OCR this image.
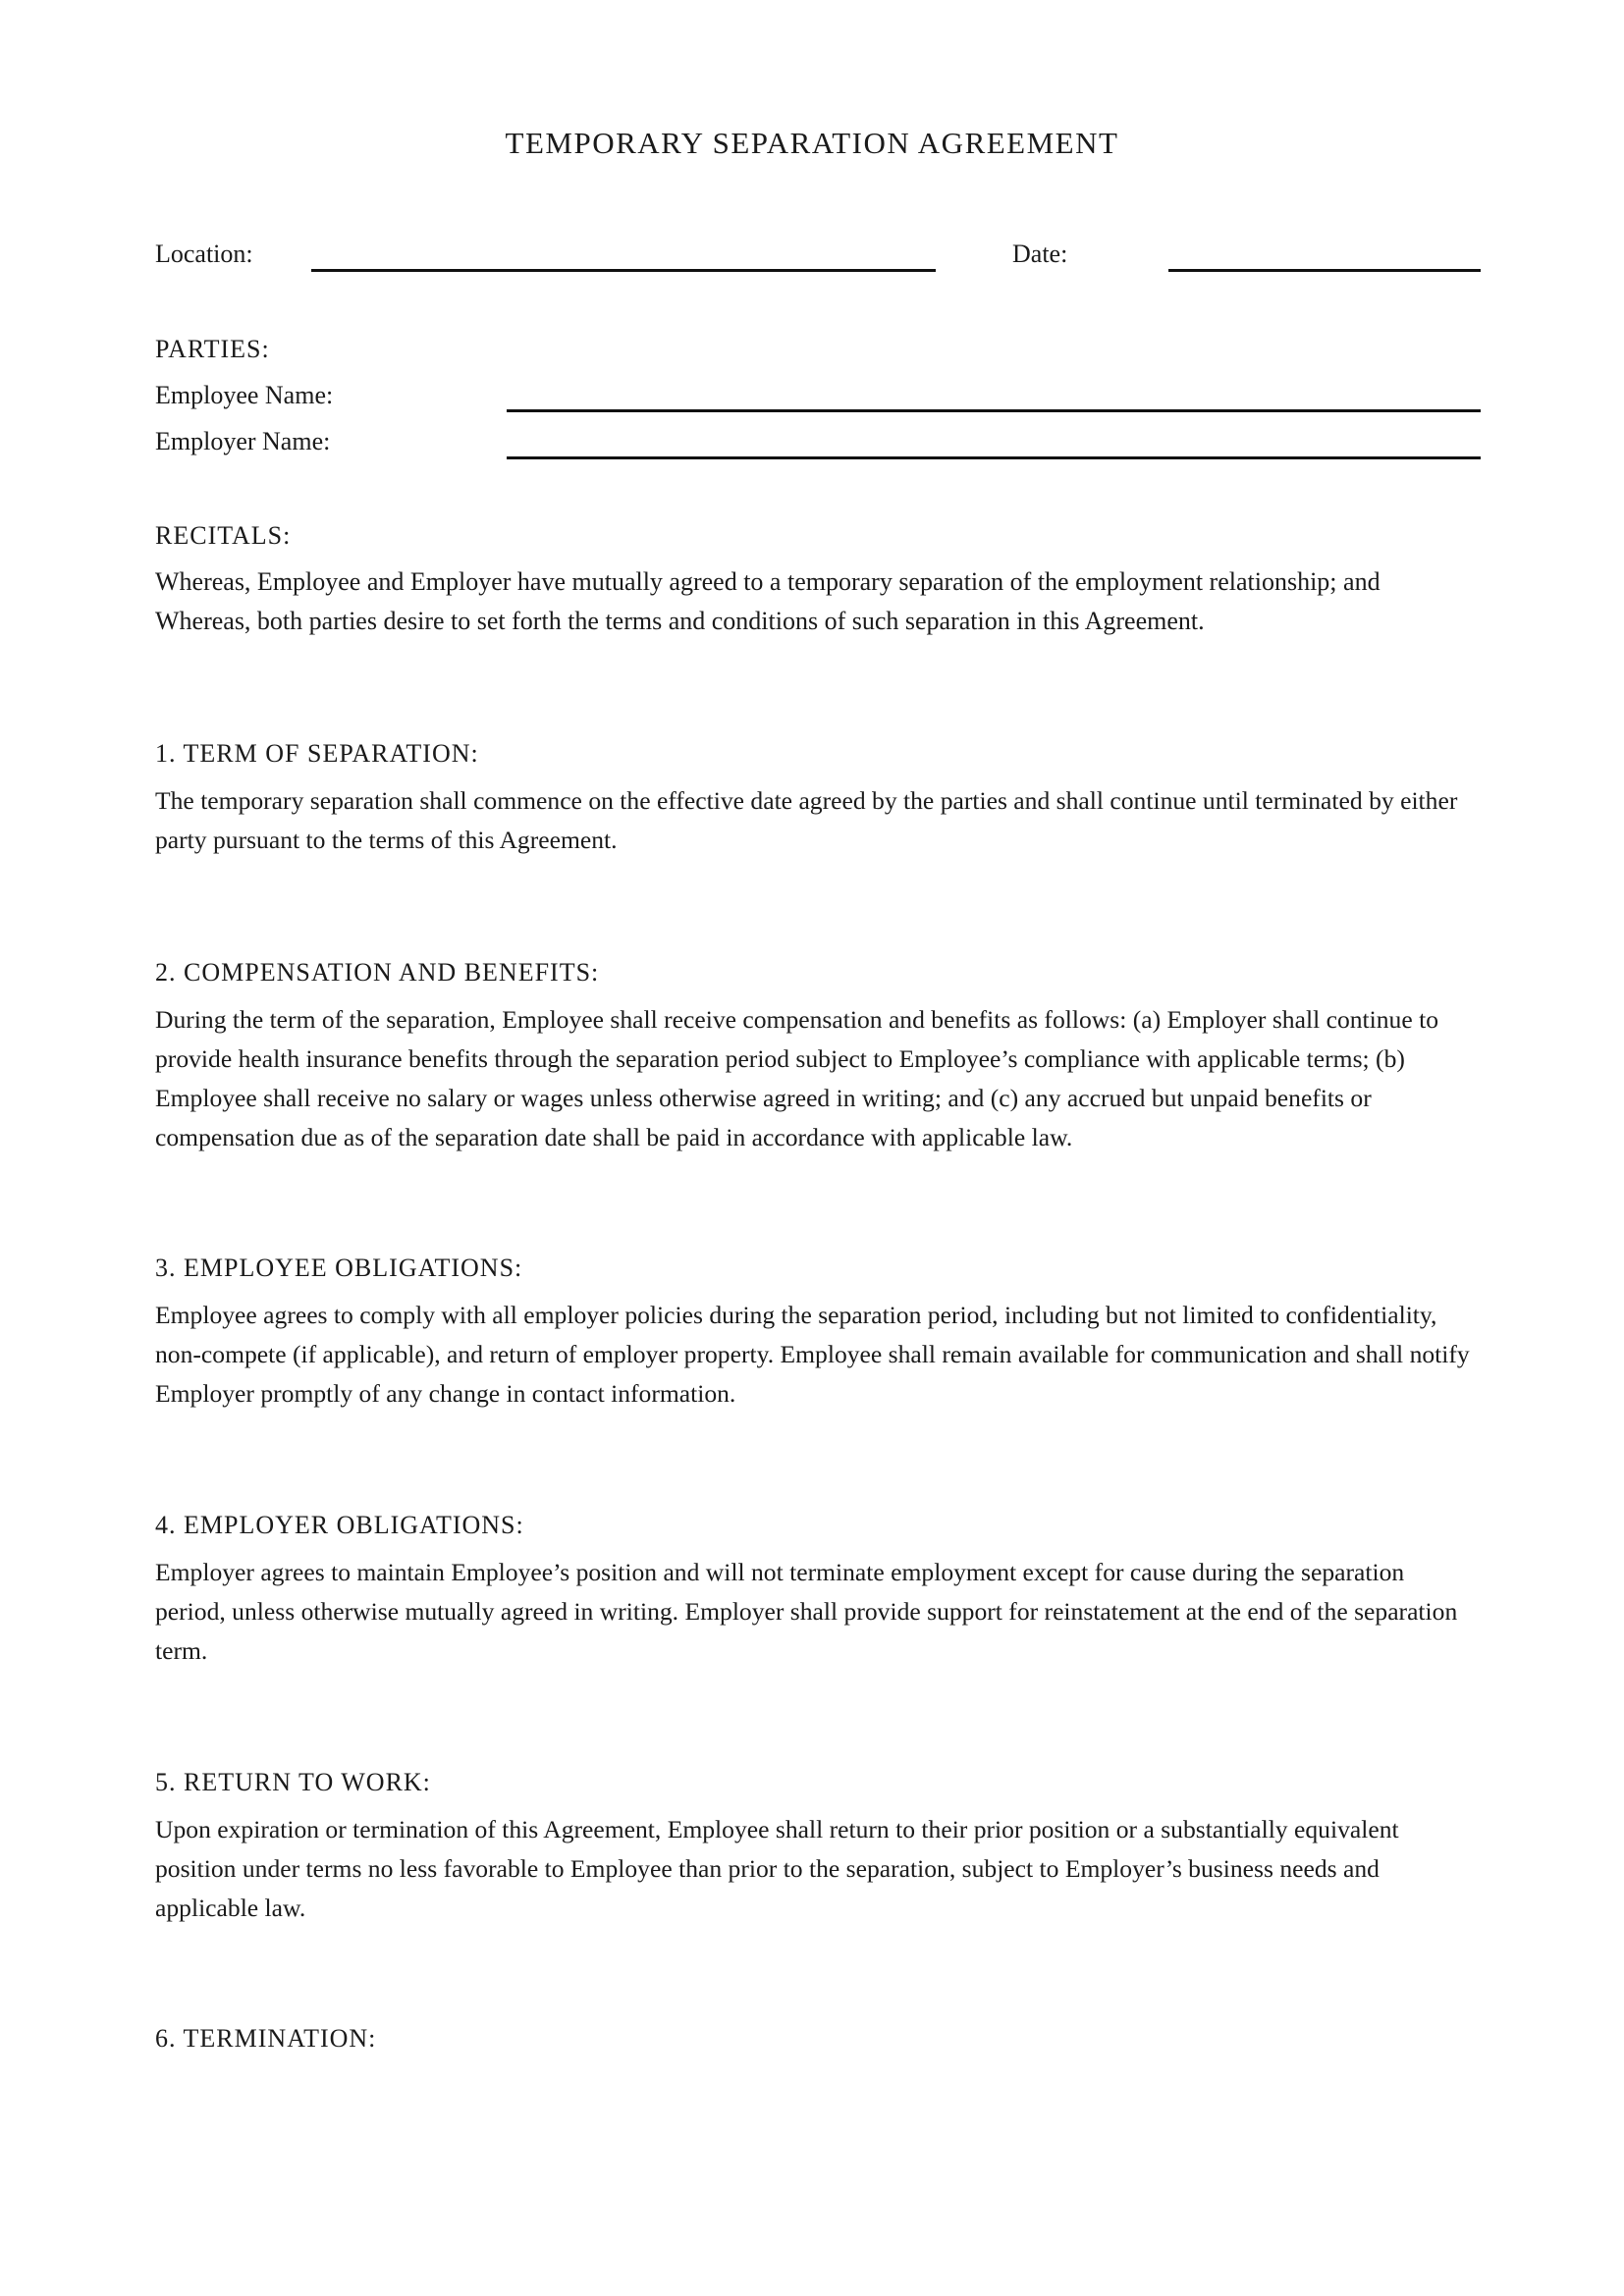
TEMPORARY SEPARATION AGREEMENT
Location:	Date:
PARTIES:
Employee Name:
Employer Name:
RECITALS:
Whereas, Employee and Employer have mutually agreed to a temporary separation of the employment relationship; and
Whereas, both parties desire to set forth the terms and conditions of such separation in this Agreement.
1. TERM OF SEPARATION:
The temporary separation shall commence on the effective date agreed by the parties and shall continue until terminated by either party pursuant to the terms of this Agreement.
2. COMPENSATION AND BENEFITS:
During the term of the separation, Employee shall receive compensation and benefits as follows: (a) Employer shall continue to provide health insurance benefits through the separation period subject to Employee’s compliance with applicable terms; (b) Employee shall receive no salary or wages unless otherwise agreed in writing; and (c) any accrued but unpaid benefits or compensation due as of the separation date shall be paid in accordance with applicable law.
3. EMPLOYEE OBLIGATIONS:
Employee agrees to comply with all employer policies during the separation period, including but not limited to confidentiality, non-compete (if applicable), and return of employer property. Employee shall remain available for communication and shall notify Employer promptly of any change in contact information.
4. EMPLOYER OBLIGATIONS:
Employer agrees to maintain Employee’s position and will not terminate employment except for cause during the separation period, unless otherwise mutually agreed in writing. Employer shall provide support for reinstatement at the end of the separation term.
5. RETURN TO WORK:
Upon expiration or termination of this Agreement, Employee shall return to their prior position or a substantially equivalent position under terms no less favorable to Employee than prior to the separation, subject to Employer’s business needs and applicable law.
6. TERMINATION:
